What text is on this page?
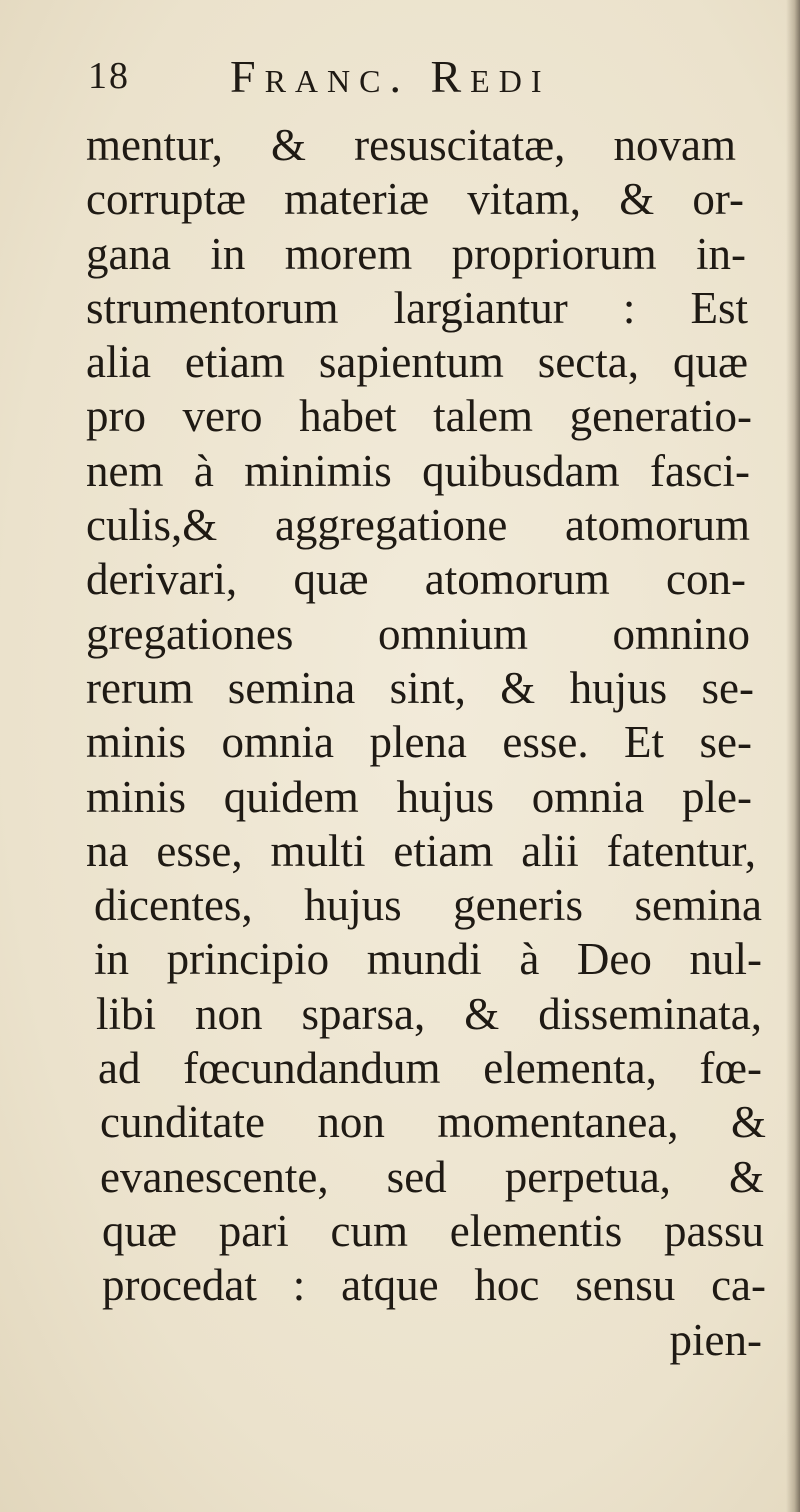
18 Franc. Redi
mentur, & resuscitatæ, novam
corruptæ materiæ vitam, & or-
gana in morem propriorum in-
strumentorum largiantur : Est
alia etiam sapientum secta, quæ
pro vero habet talem generatio-
nem à minimis quibusdam fasci-
culis,& aggregatione atomorum
derivari, quæ atomorum con-
gregationes omnium omnino
rerum semina sint, & hujus se-
minis omnia plena esse. Et se-
minis quidem hujus omnia ple-
na esse, multi etiam alii fatentur,
dicentes, hujus generis semina
in principio mundi à Deo nul-
libi non sparsa, & disseminata,
ad fœcundandum elementa, fœ-
cunditate non momentanea, &
evanescente, sed perpetua, &
quæ pari cum elementis passu
procedat : atque hoc sensu ca-
pien-
